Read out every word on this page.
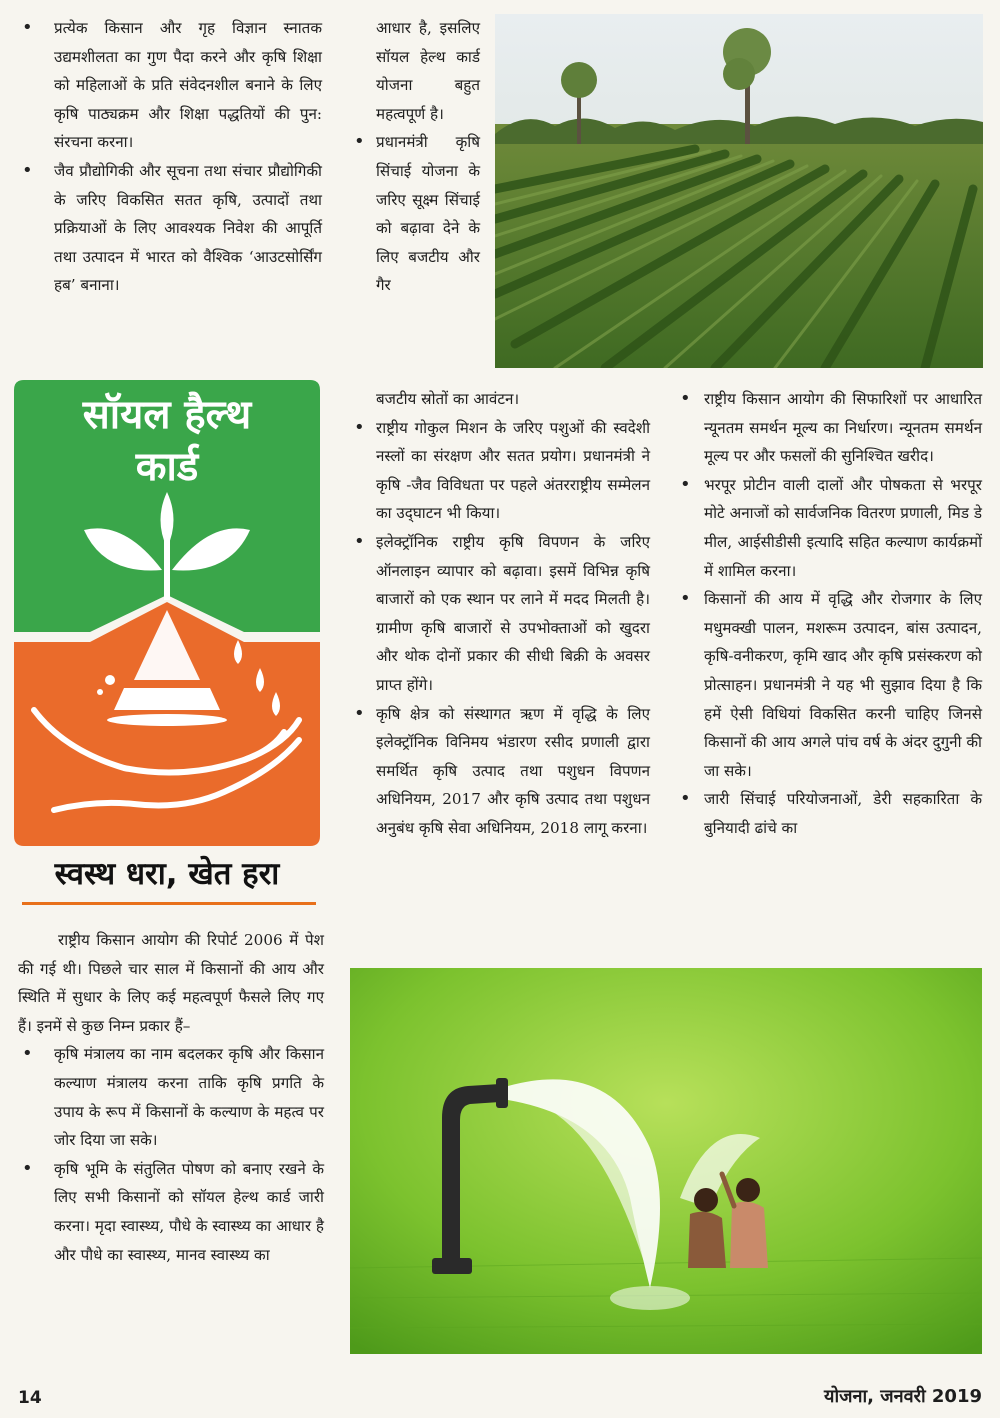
• प्रत्येक किसान और गृह विज्ञान स्नातक उद्यमशीलता का गुण पैदा करने और कृषि शिक्षा को महिलाओं के प्रति संवेदनशील बनाने के लिए कृषि पाठ्यक्रम और शिक्षा पद्धतियों की पुन: संरचना करना।
• जैव प्रौद्योगिकी और सूचना तथा संचार प्रौद्योगिकी के जरिए विकसित सतत कृषि, उत्पादों तथा प्रक्रियाओं के लिए आवश्यक निवेश की आपूर्ति तथा उत्पादन में भारत को वैश्विक ‘आउटसोर्सिंग हब’ बनाना।

आधार है, इसलिए सॉयल हेल्थ कार्ड योजना बहुत महत्वपूर्ण है।

• प्रधानमंत्री कृषि सिंचाई योजना के जरिए सूक्ष्म सिंचाई को बढ़ावा देने के लिए बजटीय और गैर
सॉयल हैल्थ
कार्ड
स्वस्थ धरा, खेत हरा

बजटीय स्रोतों का आवंटन।

• राष्ट्रीय गोकुल मिशन के जरिए पशुओं की स्वदेशी नस्लों का संरक्षण और सतत प्रयोग। प्रधानमंत्री ने कृषि -जैव विविधता पर पहले अंतरराष्ट्रीय सम्मेलन का उद्‌घाटन भी किया।
• इलेक्ट्रॉनिक राष्ट्रीय कृषि विपणन के जरिए ऑनलाइन व्यापार को बढ़ावा। इसमें विभिन्न कृषि बाजारों को एक स्थान पर लाने में मदद मिलती है। ग्रामीण कृषि बाजारों से उपभोक्ताओं को खुदरा और थोक दोनों प्रकार की सीधी बिक्री के अवसर प्राप्त होंगे।
• कृषि क्षेत्र को संस्थागत ऋण में वृद्धि के लिए इलेक्ट्रॉनिक विनिमय भंडारण रसीद प्रणाली द्वारा समर्थित कृषि उत्पाद तथा पशुधन विपणन अधिनियम, 2017 और कृषि उत्पाद तथा पशुधन अनुबंध कृषि सेवा अधिनियम, 2018 लागू करना।
• राष्ट्रीय किसान आयोग की सिफारिशों पर आधारित न्यूनतम समर्थन मूल्य का निर्धारण। न्यूनतम समर्थन मूल्य पर और फसलों की सुनिश्चित खरीद।
• भरपूर प्रोटीन वाली दालों और पोषकता से भरपूर मोटे अनाजों को सार्वजनिक वितरण प्रणाली, मिड डे मील, आईसीडीसी इत्यादि सहित कल्याण कार्यक्रमों में शामिल करना।
• किसानों की आय में वृद्धि और रोजगार के लिए मधुमक्खी पालन, मशरूम उत्पादन, बांस उत्पादन, कृषि-वनीकरण, कृमि खाद और कृषि प्रसंस्करण को प्रोत्साहन। प्रधानमंत्री ने यह भी सुझाव दिया है कि हमें ऐसी विधियां विकसित करनी चाहिए जिनसे किसानों की आय अगले पांच वर्ष के अंदर दुगुनी की जा सके।
• जारी सिंचाई परियोजनाओं, डेरी सहकारिता के बुनियादी ढांचे का

राष्ट्रीय किसान आयोग की रिपोर्ट 2006 में पेश की गई थी। पिछले चार साल में किसानों की आय और स्थिति में सुधार के लिए कई महत्वपूर्ण फैसले लिए गए हैं। इनमें से कुछ निम्न प्रकार हैं–

• कृषि मंत्रालय का नाम बदलकर कृषि और किसान कल्याण मंत्रालय करना ताकि कृषि प्रगति के उपाय के रूप में किसानों के कल्याण के महत्व पर जोर दिया जा सके।
• कृषि भूमि के संतुलित पोषण को बनाए रखने के लिए सभी किसानों को सॉयल हेल्थ कार्ड जारी करना। मृदा स्वास्थ्य, पौधे के स्वास्थ्य का आधार है और पौधे का स्वास्थ्य, मानव स्वास्थ्य का
14	योजना, जनवरी 2019
